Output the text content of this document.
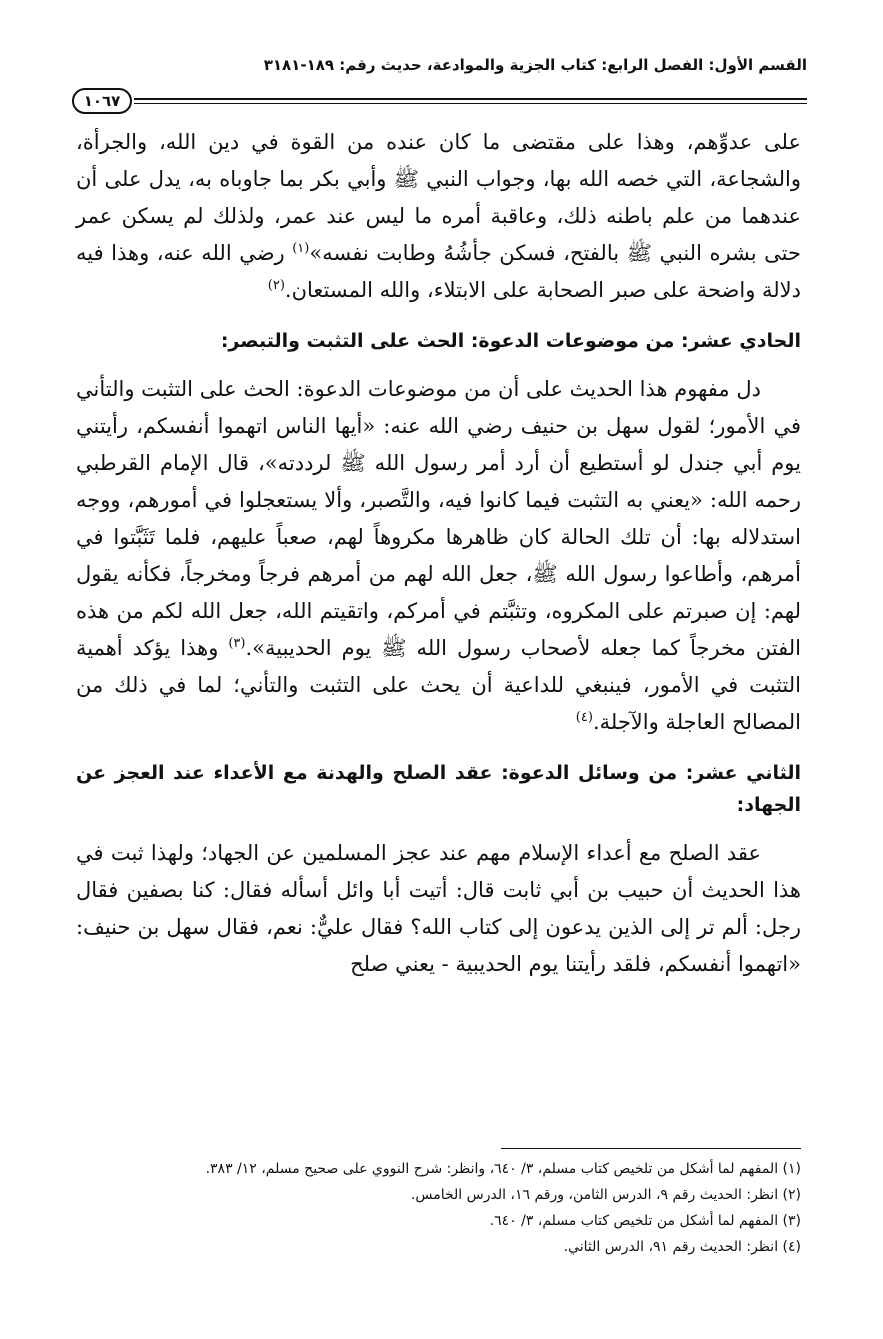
القسم الأول: الفصل الرابع: كتاب الجزية والموادعة، حديث رقم: ١٨٩-٣١٨١
١٠٦٧

على عدوِّهم، وهذا على مقتضى ما كان عنده من القوة في دين الله، والجرأة، والشجاعة، التي خصه الله بها، وجواب النبي ﷺ وأبي بكر بما جاوباه به، يدل على أن عندهما من علم باطنه ذلك، وعاقبة أمره ما ليس عند عمر، ولذلك لم يسكن عمر حتى بشره النبي ﷺ بالفتح، فسكن جأشُهُ وطابت نفسه»$^{(١)}$ رضي الله عنه، وهذا فيه دلالة واضحة على صبر الصحابة على الابتلاء، والله المستعان.$^{(٢)}$

الحادي عشر: من موضوعات الدعوة: الحث على التثبت والتبصر:

دل مفهوم هذا الحديث على أن من موضوعات الدعوة: الحث على التثبت والتأني في الأمور؛ لقول سهل بن حنيف رضي الله عنه: «أيها الناس اتهموا أنفسكم، رأيتني يوم أبي جندل لو أستطيع أن أرد أمر رسول الله ﷺ لرددته»، قال الإمام القرطبي رحمه الله: «يعني به التثبت فيما كانوا فيه، والتَّصبر، وألا يستعجلوا في أمورهم، ووجه استدلاله بها: أن تلك الحالة كان ظاهرها مكروهاً لهم، صعباً عليهم، فلما تَثَبَّتوا في أمرهم، وأطاعوا رسول الله ﷺ، جعل الله لهم من أمرهم فرجاً ومخرجاً، فكأنه يقول لهم: إن صبرتم على المكروه، وتثبَّتم في أمركم، واتقيتم الله، جعل الله لكم من هذه الفتن مخرجاً كما جعله لأصحاب رسول الله ﷺ يوم الحديبية».$^{(٣)}$ وهذا يؤكد أهمية التثبت في الأمور، فينبغي للداعية أن يحث على التثبت والتأني؛ لما في ذلك من المصالح العاجلة والآجلة.$^{(٤)}$

الثاني عشر: من وسائل الدعوة: عقد الصلح والهدنة مع الأعداء عند العجز عن الجهاد:

عقد الصلح مع أعداء الإسلام مهم عند عجز المسلمين عن الجهاد؛ ولهذا ثبت في هذا الحديث أن حبيب بن أبي ثابت قال: أتيت أبا وائل أسأله فقال: كنا بصفين فقال رجل: ألم تر إلى الذين يدعون إلى كتاب الله؟ فقال عليٌّ: نعم، فقال سهل بن حنيف: «اتهموا أنفسكم، فلقد رأيتنا يوم الحديبية - يعني صلح

(١) المفهم لما أشكل من تلخيص كتاب مسلم، ٣/ ٦٤٠، وانظر: شرح النووي على صحيح مسلم، ١٢/ ٣٨٣.
(٢) انظر: الحديث رقم ٩، الدرس الثامن، ورقم ١٦، الدرس الخامس.
(٣) المفهم لما أشكل من تلخيص كتاب مسلم، ٣/ ٦٤٠.
(٤) انظر: الحديث رقم ٩١، الدرس الثاني.
